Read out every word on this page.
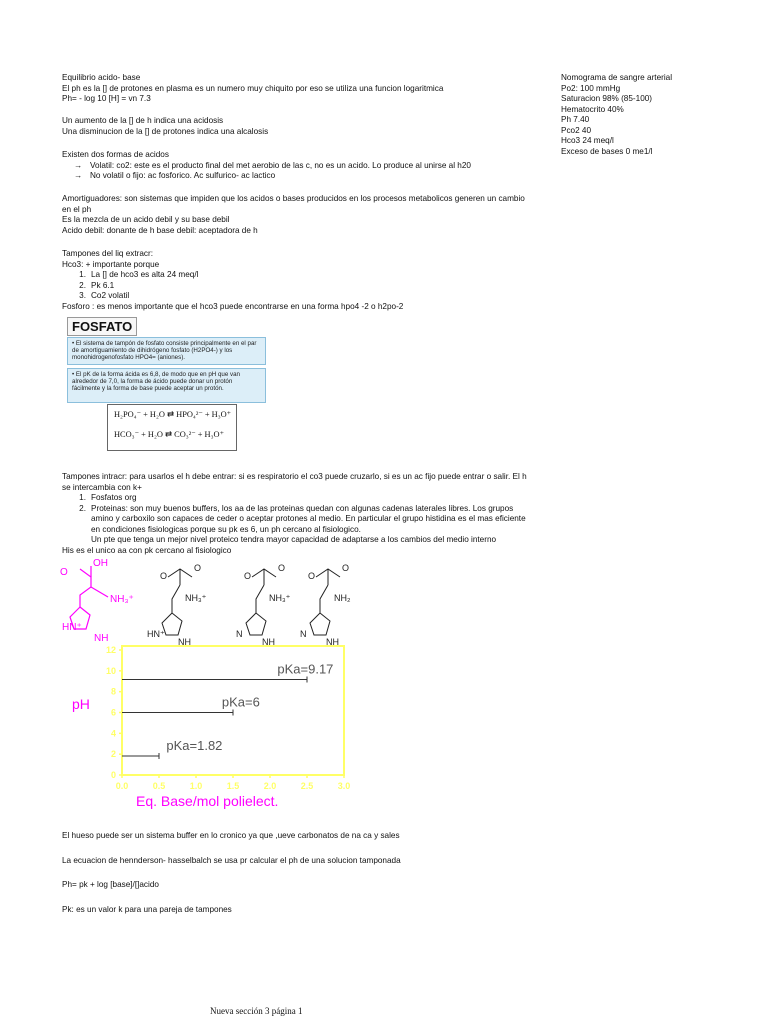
Equilibrio acido- base
El ph es la [] de protones en plasma es un numero muy chiquito por eso se utiliza una funcion logaritmica
Ph= - log 10 [H] = vn 7.3
Un aumento de la [] de h indica una acidosis
Una disminucion de la [] de protones indica una alcalosis
Existen dos formas de acidos
→ Volatil: co2: este es el producto final del met aerobio de las c, no es un acido. Lo produce al unirse al h20
→ No volatil o fijo: ac fosforico. Ac sulfurico- ac lactico
Amortiguadores: son sistemas que impiden que los acidos o bases producidos en los procesos metabolicos generen un cambio en el ph
Es la mezcla de un acido debil y su base debil
Acido debil: donante de h base debil: aceptadora de h
Tampones del liq extracr:
Hco3: + importante porque
1. La [] de hco3 es alta 24 meq/l
2. Pk 6.1
3. Co2 volatil
Fosforo : es menos importante que el hco3 puede encontrarse en una forma hpo4 -2 o h2po-2
FOSFATO
• El sistema de tampón de fosfato consiste principalmente en el par de amortiguamiento de dihidrógeno fosfato (H2PO4-) y los monohidrogenofosfato HPO4= (aniones).
• El pK de la forma ácida es 6,8, de modo que en pH que van alrededor de 7,0, la forma de ácido puede donar un protón fácilmente y la forma de base puede aceptar un protón.
H₂PO₄⁻ + H₂O ⇄ HPO₄²⁻ + H₃O⁺
HCO₃⁻ + H₂O ⇄ CO₃²⁻ + H₃O⁺
Tampones intracr: para usarlos el h debe entrar: si es respiratorio el co3 puede cruzarlo, si es un ac fijo puede entrar o salir. El h se intercambia con k+
1. Fosfatos org
2. Proteinas: son muy buenos buffers, los aa de las proteinas quedan con algunas cadenas laterales libres. Los grupos amino y carboxilo son capaces de ceder o aceptar protones al medio. En particular el grupo histidina es el mas eficiente en condiciones fisiologicas porque su pk es 6, un ph cercano al fisiologico.
Un pte que tenga un mejor nivel proteico tendra mayor capacidad de adaptarse a los cambios del medio interno
His es el unico aa con pk cercano al fisiologico
O
OH
NH₃⁺
HN⁺
NH
O
O
NH₃⁺
HN⁺
NH
O
O
NH₃⁺
N
NH
O
O
NH₂
N
NH
0
2
4
6
8
10
12
0.0	0.5	1.0	1.5	2.0	2.5	3.0
pKa=9.17
pKa=6
pKa=1.82
pH
Eq. Base/mol polielect.
El hueso puede ser un sistema buffer en lo cronico ya que ,ueve carbonatos de na ca y sales
La ecuacion de hennderson- hasselbalch se usa pr calcular el ph de una solucion tamponada
Ph= pk + log [base]/[]acido
Pk: es un valor k para una pareja de tampones
Nomograma de sangre arterial
Po2: 100 mmHg
Saturacion 98% (85-100)
Hematocrito 40%
Ph 7.40
Pco2 40
Hco3 24 meq/l
Exceso de bases 0 me1/l
Nueva sección 3 página 1
